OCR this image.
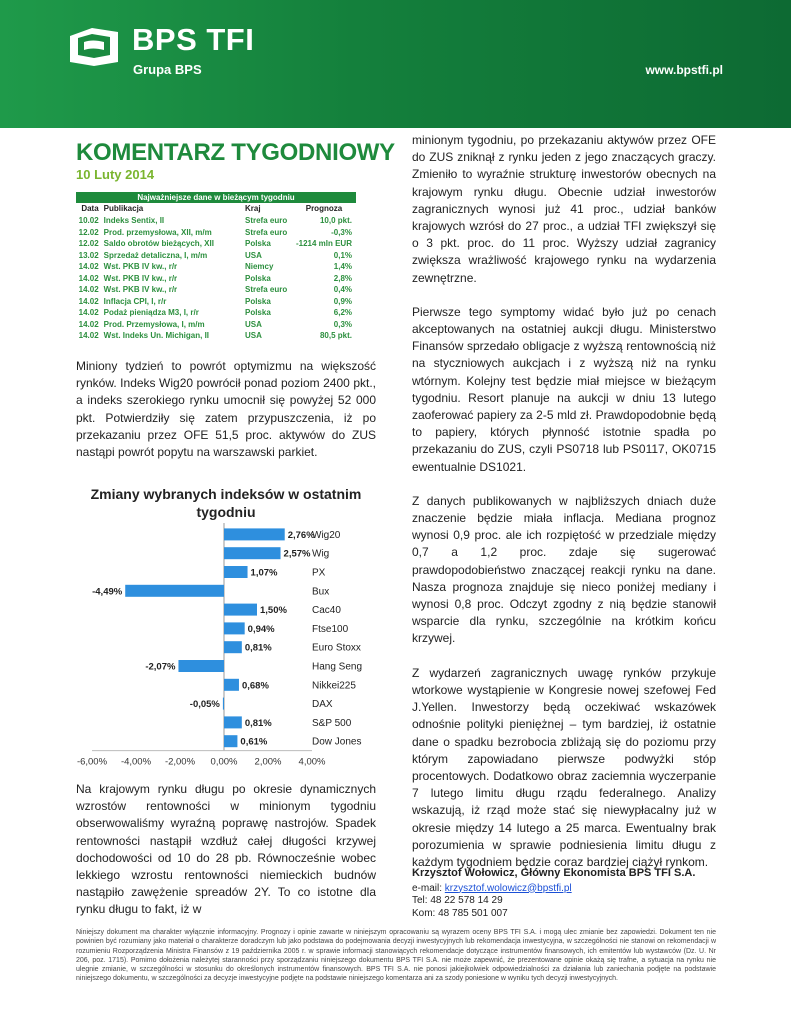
BPS TFI
Grupa BPS	www.bpstfi.pl
KOMENTARZ TYGODNIOWY
10 Luty 2014
Najważniejsze dane w bieżącym tygodniu
Data	Publikacja	Kraj	Prognoza
10.02	Indeks Sentix, II	Strefa euro	10,0 pkt.
12.02	Prod. przemysłowa, XII, m/m	Strefa euro	-0,3%
12.02	Saldo obrotów bieżących, XII	Polska	-1214 mln EUR
13.02	Sprzedaż detaliczna, I, m/m	USA	0,1%
14.02	Wst. PKB IV kw., r/r	Niemcy	1,4%
14.02	Wst. PKB IV kw., r/r	Polska	2,8%
14.02	Wst. PKB IV kw., r/r	Strefa euro	0,4%
14.02	Inflacja CPI, I, r/r	Polska	0,9%
14.02	Podaż pieniądza M3, I, r/r	Polska	6,2%
14.02	Prod. Przemysłowa, I, m/m	USA	0,3%
14.02	Wst. Indeks Un. Michigan, II	USA	80,5 pkt.

Miniony tydzień to powrót optymizmu na większość rynków. Indeks Wig20 powrócił ponad poziom 2400 pkt., a indeks szerokiego rynku umocnił się powyżej 52 000 pkt. Potwierdziły się zatem przypuszczenia, iż po przekazaniu przez OFE 51,5 proc. aktywów do ZUS nastąpi powrót popytu na warszawski parkiet.

Zmiany wybranych indeksów w ostatnim tygodniu
2,76%
Wig20
2,57% Wig
1,07%	PX
-4,49%	Bux
1,50%	Cac40
0,94%	Ftse100
0,81%	Euro Stoxx
-2,07%	Hang Seng
0,68%	Nikkei225
-0,05%	DAX
0,81%	S&P 500
0,61%	Dow Jones
-6,00% -4,00% -2,00% 0,00% 2,00% 4,00%

Na krajowym rynku długu po okresie dynamicznych wzrostów rentowności w minionym tygodniu obserwowaliśmy wyraźną poprawę nastrojów. Spadek rentowności nastąpił wzdłuż całej długości krzywej dochodowości od 10 do 28 pb. Równocześnie wobec lekkiego wzrostu rentowności niemieckich budnów nastąpiło zawężenie spreadów 2Y. To co istotne dla rynku długu to fakt, iż w

minionym tygodniu, po przekazaniu aktywów przez OFE do ZUS zniknął z rynku jeden z jego znaczących graczy. Zmieniło to wyraźnie strukturę inwestorów obecnych na krajowym rynku długu. Obecnie udział inwestorów zagranicznych wynosi już 41 proc., udział banków krajowych wzrósł do 27 proc., a udział TFI zwiększył się o 3 pkt. proc. do 11 proc. Wyższy udział zagranicy zwiększa wrażliwość krajowego rynku na wydarzenia zewnętrzne.

Pierwsze tego symptomy widać było już po cenach akceptowanych na ostatniej aukcji długu. Ministerstwo Finansów sprzedało obligacje z wyższą rentownością niż na styczniowych aukcjach i z wyższą niż na rynku wtórnym. Kolejny test będzie miał miejsce w bieżącym tygodniu. Resort planuje na aukcji w dniu 13 lutego zaoferować papiery za 2-5 mld zł. Prawdopodobnie będą to papiery, których płynność istotnie spadła po przekazaniu do ZUS, czyli PS0718 lub PS0117, OK0715 ewentualnie DS1021.

Z danych publikowanych w najbliższych dniach duże znaczenie będzie miała inflacja. Mediana prognoz wynosi 0,9 proc. ale ich rozpiętość w przedziale między 0,7 a 1,2 proc. zdaje się sugerować prawdopodobieństwo znaczącej reakcji rynku na dane. Nasza prognoza znajduje się nieco poniżej mediany i wynosi 0,8 proc. Odczyt zgodny z nią będzie stanowił wsparcie dla rynku, szczególnie na krótkim końcu krzywej.

Z wydarzeń zagranicznych uwagę rynków przykuje wtorkowe wystąpienie w Kongresie nowej szefowej Fed J.Yellen. Inwestorzy będą oczekiwać wskazówek odnośnie polityki pieniężnej – tym bardziej, iż ostatnie dane o spadku bezrobocia zbliżają się do poziomu przy którym zapowiadano pierwsze podwyżki stóp procentowych. Dodatkowo obraz zaciemnia wyczerpanie 7 lutego limitu długu rządu federalnego. Analizy wskazują, iż rząd może stać się niewypłacalny już w okresie między 14 lutego a 25 marca. Ewentualny brak porozumienia w sprawie podniesienia limitu długu z każdym tygodniem będzie coraz bardziej ciążył rynkom.

Krzysztof Wołowicz, Główny Ekonomista BPS TFI S.A.
e-mail: krzysztof.wolowicz@bpstfi.pl
Tel: 48 22 578 14 29
Kom: 48 785 501 007
Niniejszy dokument ma charakter wyłącznie informacyjny. Prognozy i opinie zawarte w niniejszym opracowaniu są wyrazem oceny BPS TFI S.A. i mogą ulec zmianie bez zapowiedzi. Dokument ten nie powinien być rozumiany jako materiał o charakterze doradczym lub jako podstawa do podejmowania decyzji inwestycyjnych lub rekomendacja inwestycyjna, w szczególności nie stanowi on rekomendacji w rozumieniu Rozporządzenia Ministra Finansów z 19 października 2005 r. w sprawie informacji stanowiących rekomendacje dotyczące instrumentów finansowych, ich emitentów lub wystawców (Dz. U. Nr 206, poz. 1715). Pomimo dołożenia należytej staranności przy sporządzaniu niniejszego dokumentu BPS TFI S.A. nie może zapewnić, że prezentowane opinie okażą się trafne, a sytuacja na rynku nie ulegnie zmianie, w szczególności w stosunku do określonych instrumentów finansowych. BPS TFI S.A. nie ponosi jakiejkolwiek odpowiedzialności za działania lub zaniechania podjęte na podstawie niniejszego dokumentu, w szczególności za decyzje inwestycyjne podjęte na podstawie niniejszego komentarza ani za szody poniesione w wyniku tych decyzji inwestycyjnych.
